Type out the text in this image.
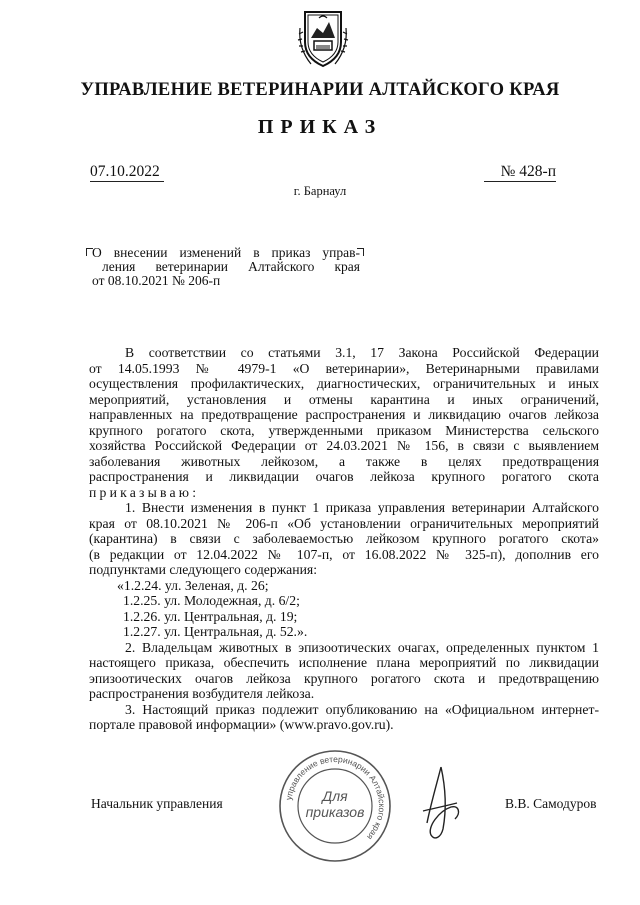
УПРАВЛЕНИЕ ВЕТЕРИНАРИИ АЛТАЙСКОГО КРАЯ
ПРИКАЗ
07.10.2022	№ 428-п
г. Барнаул
О внесении изменений в приказ управ-
ления ветеринарии Алтайского края
от 08.10.2021 № 206-п
В соответствии со статьями 3.1, 17 Закона Российской Федерации
от 14.05.1993 № 4979-1 «О ветеринарии», Ветеринарными правилами
осуществления профилактических, диагностических, ограничительных и иных
мероприятий, установления и отмены карантина и иных ограничений,
направленных на предотвращение распространения и ликвидацию очагов лейкоза
крупного рогатого скота, утвержденными приказом Министерства сельского
хозяйства Российской Федерации от 24.03.2021 № 156, в связи с выявлением
заболевания животных лейкозом, а также в целях предотвращения
распространения и ликвидации очагов лейкоза крупного рогатого скота
приказываю:
1. Внести изменения в пункт 1 приказа управления ветеринарии Алтайского
края от 08.10.2021 № 206-п «Об установлении ограничительных мероприятий
(карантина) в связи с заболеваемостью лейкозом крупного рогатого скота»
(в редакции от 12.04.2022 № 107-п, от 16.08.2022 № 325-п), дополнив его
подпунктами следующего содержания:
«1.2.24. ул. Зеленая, д. 26;
1.2.25. ул. Молодежная, д. 6/2;
1.2.26. ул. Центральная, д. 19;
1.2.27. ул. Центральная, д. 52.».
2. Владельцам животных в эпизоотических очагах, определенных пунктом 1
настоящего приказа, обеспечить исполнение плана мероприятий по ликвидации
эпизоотических очагов лейкоза крупного рогатого скота и предотвращению
распространения возбудителя лейкоза.
3. Настоящий приказ подлежит опубликованию на «Официальном интернет-
портале правовой информации» (www.pravo.gov.ru).
Начальник управления	управление ветеринарии Алтайского края
Для
приказов
В.В. Самодуров
